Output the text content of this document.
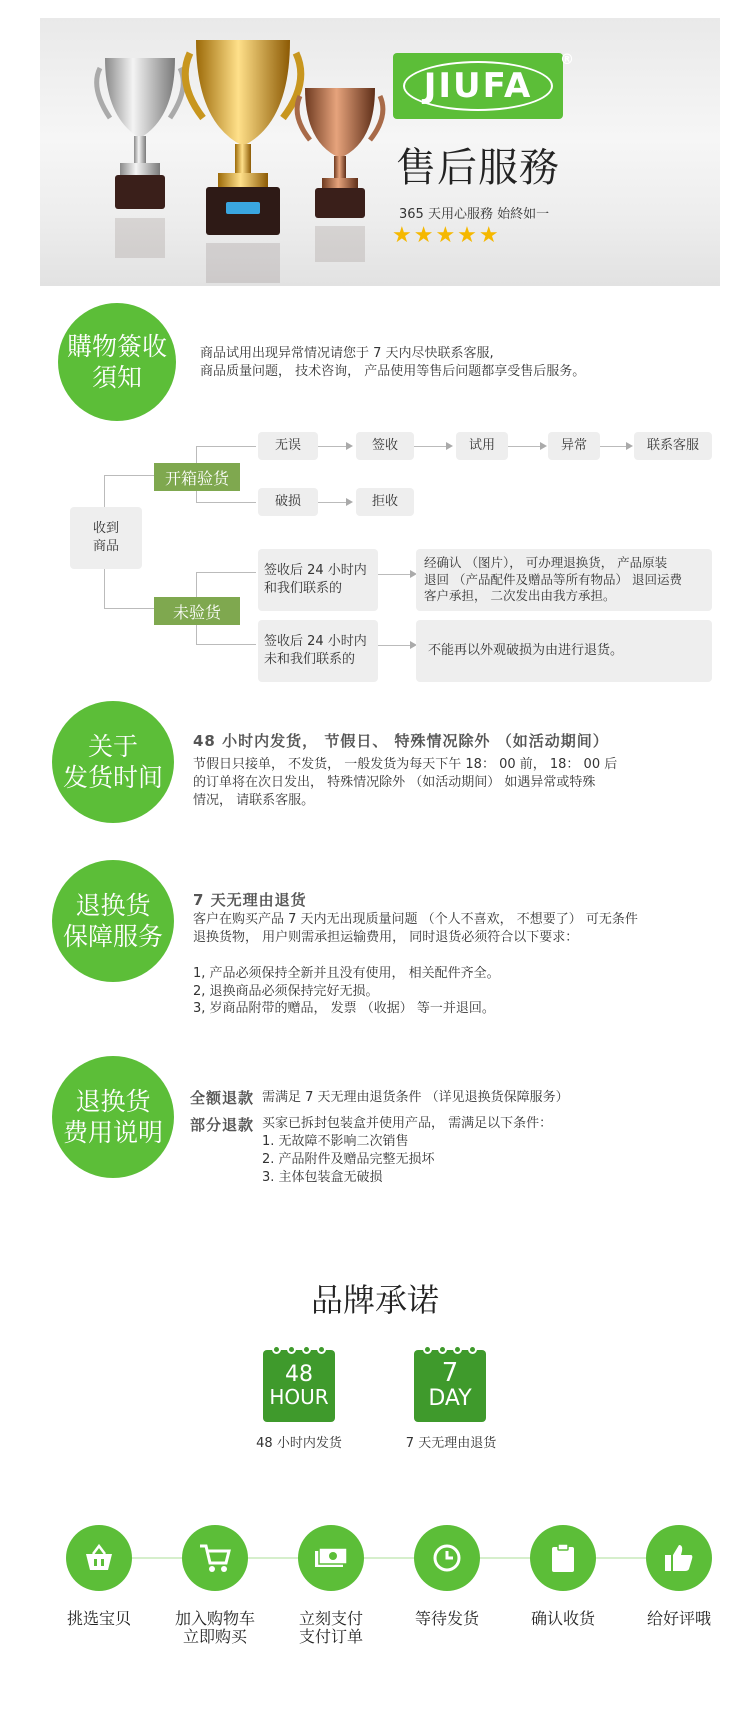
JIUFA
®
售后服務
365 天用心服務 始終如一
★★★★★
購物簽收
須知
商品试用出现异常情况请您于 7 天内尽快联系客服,
商品质量问题， 技术咨询， 产品使用等售后问题都享受售后服务。
收到
商品
开箱验货
未验货
无误	签收	试用	异常	联系客服
破损	拒收
签收后 24 小时内
和我们联系的
经确认 （图片）， 可办理退换货， 产品原装
退回 （产品配件及赠品等所有物品） 退回运费
客户承担， 二次发出由我方承担。
签收后 24 小时内
未和我们联系的
不能再以外观破损为由进行退货。
关于
发货时间
48 小时内发货， 节假日、 特殊情况除外 （如活动期间）
节假日只接单， 不发货， 一般发货为每天下午 18： 00 前， 18： 00 后
的订单将在次日发出， 特殊情况除外 （如活动期间） 如遇异常或特殊
情况， 请联系客服。
退换货
保障服务
7 天无理由退货
客户在购买产品 7 天内无出现质量问题 （个人不喜欢， 不想要了） 可无条件
退换货物， 用户则需承担运输费用， 同时退货必须符合以下要求：
1, 产品必须保持全新并且没有使用， 相关配件齐全。
2, 退换商品必须保持完好无损。
3, 岁商品附带的赠品， 发票 （收据） 等一并退回。
退换货
费用说明
全额退款 需满足 7 天无理由退货条件 （详见退换货保障服务）
部分退款 买家已拆封包装盒并使用产品， 需满足以下条件：
1. 无故障不影响二次销售
2. 产品附件及赠品完整无损坏
3. 主体包装盒无破损
品牌承诺
48
HOUR
48 小时内发货
7
DAY
7 天无理由退货
挑选宝贝	加入购物车
立即购买
立刻支付
支付订单
等待发货	确认收货	给好评哦
